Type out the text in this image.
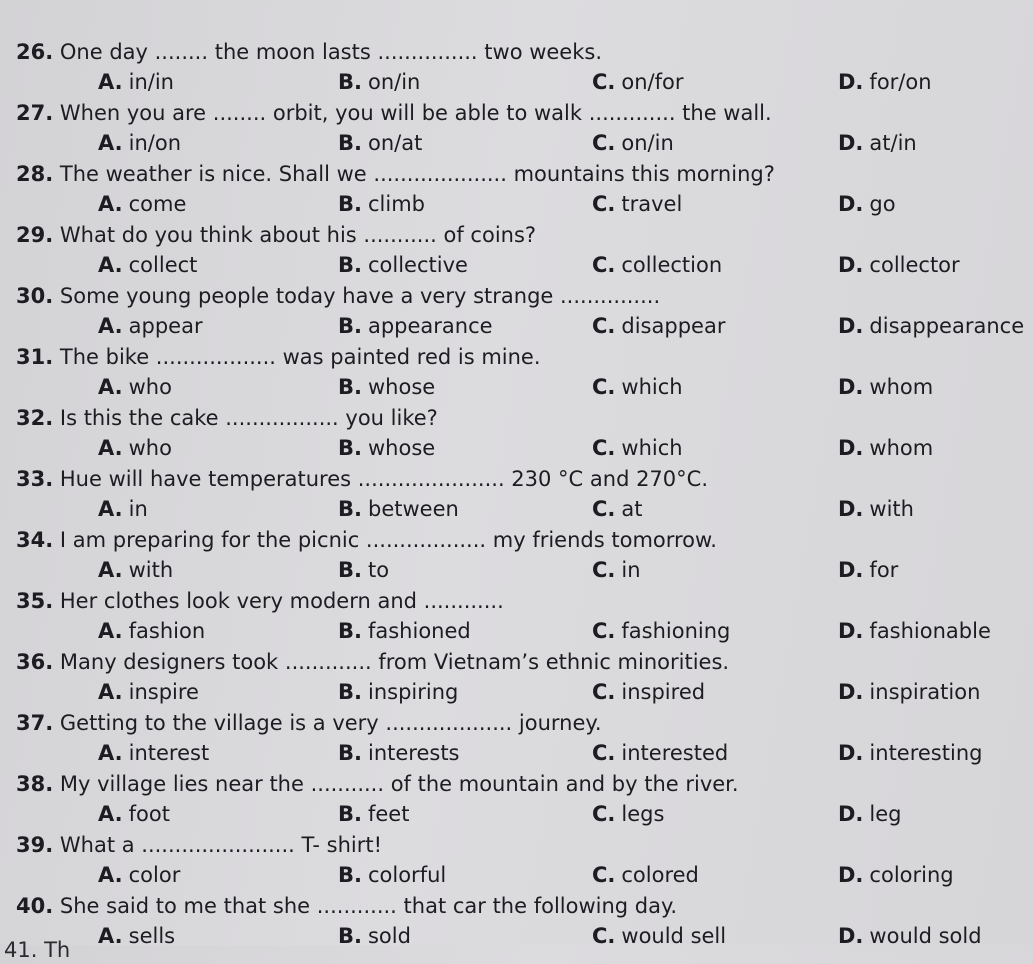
26. One day ........ the moon lasts ............... two weeks.
A. in/in	B. on/in	C. on/for	D. for/on
27. When you are ........ orbit, you will be able to walk ............. the wall.
A. in/on	B. on/at	C. on/in	D. at/in
28. The weather is nice. Shall we .................... mountains this morning?
A. come	B. climb	C. travel	D. go
29. What do you think about his ........... of coins?
A. collect	B. collective	C. collection	D. collector
30. Some young people today have a very strange ...............
A. appear	B. appearance	C. disappear	D. disappearance
31. The bike .................. was painted red is mine.
A. who	B. whose	C. which	D. whom
32. Is this the cake ................. you like?
A. who	B. whose	C. which	D. whom
33. Hue will have temperatures ...................... 230 °C and 270°C.
A. in	B. between	C. at	D. with
34. I am preparing for the picnic .................. my friends tomorrow.
A. with	B. to	C. in	D. for
35. Her clothes look very modern and ............
A. fashion	B. fashioned	C. fashioning	D. fashionable
36. Many designers took ............. from Vietnam’s ethnic minorities.
A. inspire	B. inspiring	C. inspired	D. inspiration
37. Getting to the village is a very ................... journey.
A. interest	B. interests	C. interested	D. interesting
38. My village lies near the ........... of the mountain and by the river.
A. foot	B. feet	C. legs	D. leg
39. What a ....................... T- shirt!
A. color	B. colorful	C. colored	D. coloring
40. She said to me that she ............ that car the following day.
A. sells	B. sold	C. would sell	D. would sold
41. Th
